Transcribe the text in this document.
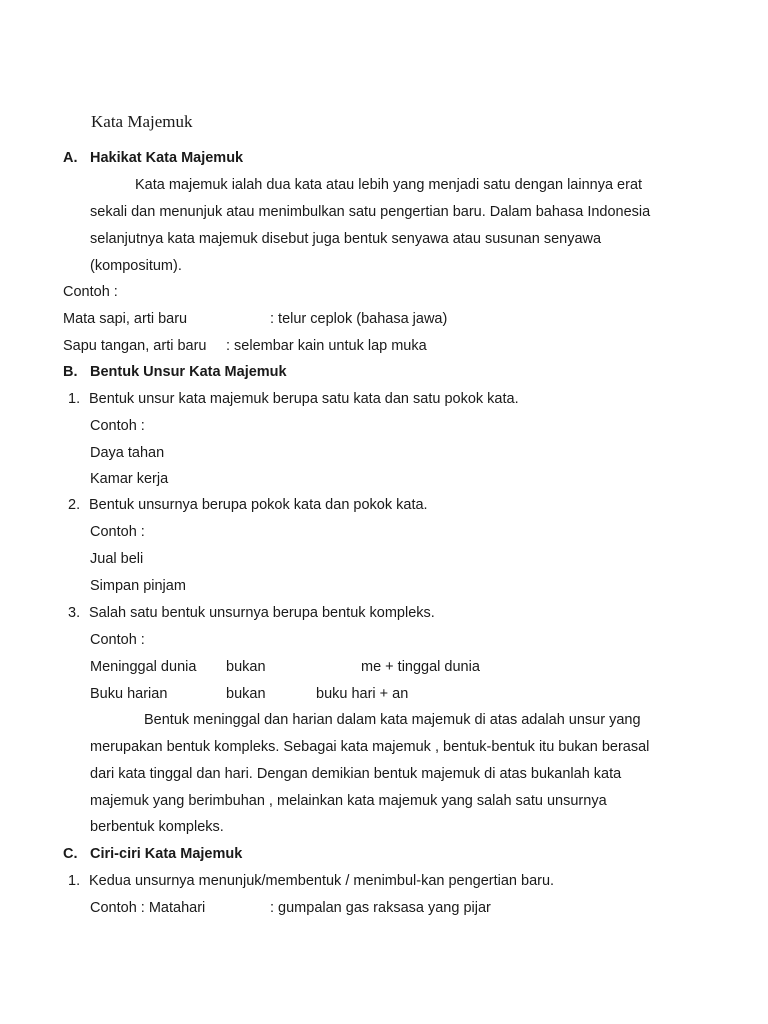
Kata Majemuk
A. Hakikat Kata Majemuk
Kata majemuk ialah dua kata atau lebih yang menjadi satu dengan lainnya erat
sekali dan menunjuk atau menimbulkan satu pengertian baru. Dalam bahasa Indonesia
selanjutnya kata majemuk disebut juga bentuk senyawa atau susunan senyawa
(kompositum).
Contoh :
Mata sapi, arti baru	: telur ceplok (bahasa jawa)
Sapu tangan, arti baru : selembar kain untuk lap muka
B. Bentuk Unsur Kata Majemuk
1. Bentuk unsur kata majemuk berupa satu kata dan satu pokok kata.
Contoh :
Daya tahan
Kamar kerja
2. Bentuk unsurnya berupa pokok kata dan pokok kata.
Contoh :
Jual beli
Simpan pinjam
3. Salah satu bentuk unsurnya berupa bentuk kompleks.
Contoh :
Meninggal dunia bukan	me + tinggal dunia
Buku harian	bukan	buku hari + an
Bentuk meninggal dan harian dalam kata majemuk di atas adalah unsur yang
merupakan bentuk kompleks. Sebagai kata majemuk , bentuk-bentuk itu bukan berasal
dari kata tinggal dan hari. Dengan demikian bentuk majemuk di atas bukanlah kata
majemuk yang berimbuhan , melainkan kata majemuk yang salah satu unsurnya
berbentuk kompleks.
C. Ciri-ciri Kata Majemuk
1. Kedua unsurnya menunjuk/membentuk / menimbul-kan pengertian baru.
Contoh : Matahari	: gumpalan gas raksasa yang pijar
